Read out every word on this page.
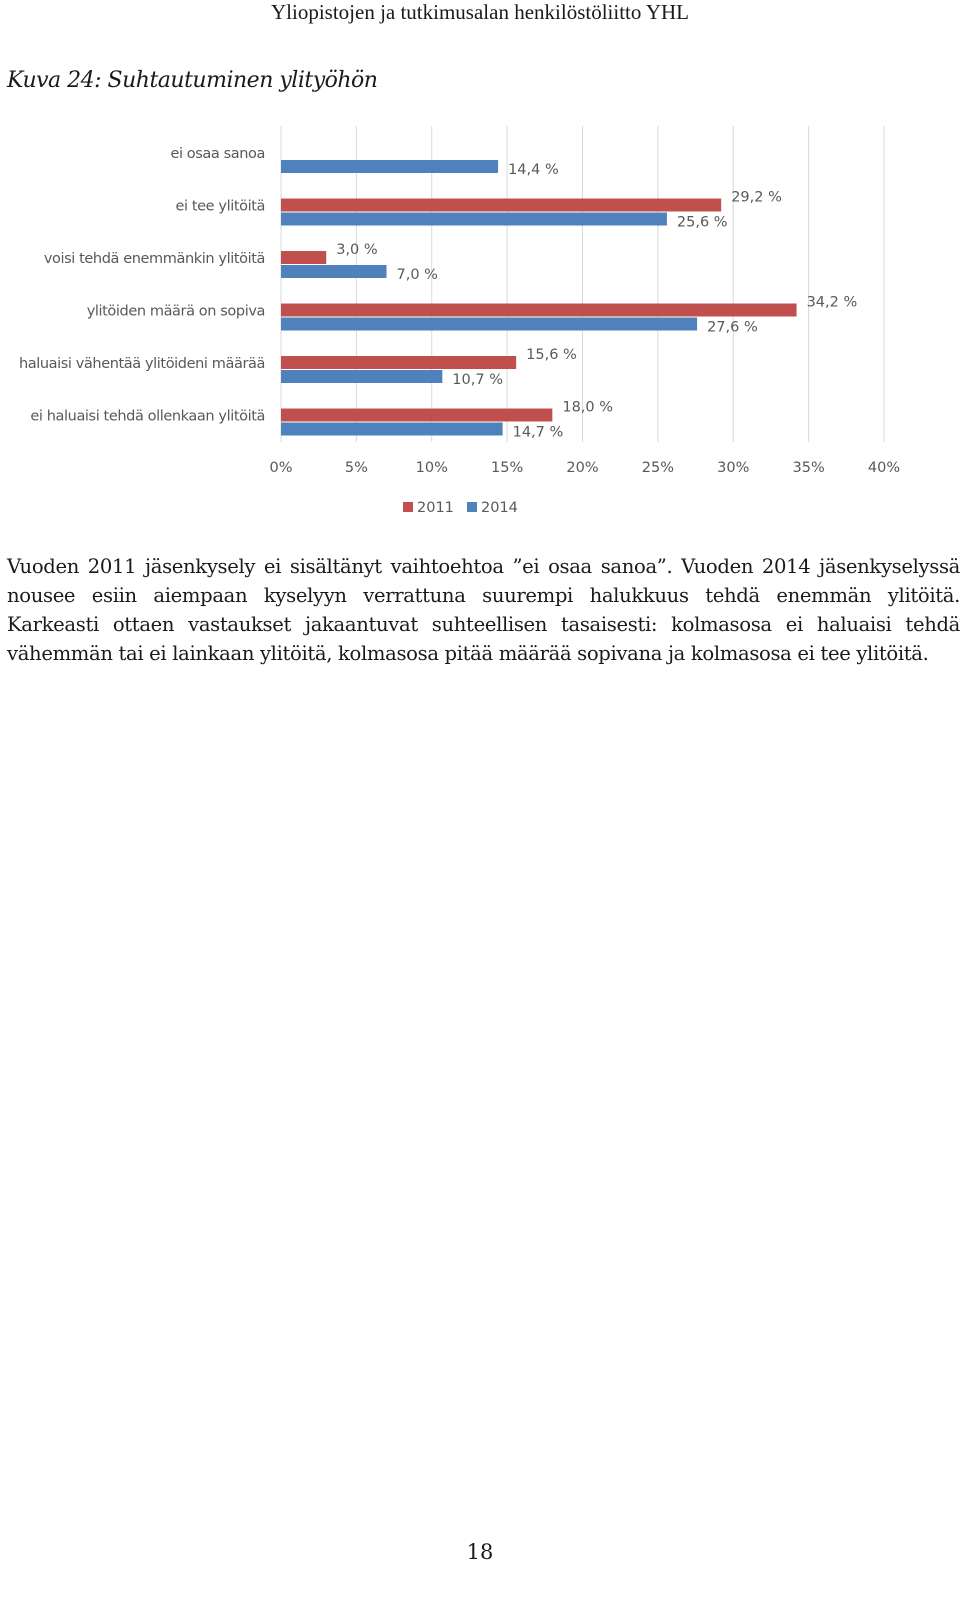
Yliopistojen ja tutkimusalan henkilöstöliitto YHL
Kuva 24: Suhtautuminen ylityöhön
0%	5%	10%	15%	20%	25%	30%	35%	40%
ei osaa sanoa
14,4 %
ei tee ylitöitä
29,2 %
25,6 %
voisi tehdä enemmänkin ylitöitä
3,0 %
7,0 %
ylitöiden määrä on sopiva
34,2 %
27,6 %
haluaisi vähentää ylitöideni määrää
15,6 %
10,7 %
ei haluaisi tehdä ollenkaan ylitöitä
18,0 %
14,7 %
2011 2014
Vuoden 2011 jäsenkysely ei sisältänyt vaihtoehtoa ”ei osaa sanoa”. Vuoden 2014 jäsenkyselyssä nousee esiin aiempaan kyselyyn verrattuna suurempi halukkuus tehdä enemmän ylitöitä. Karkeasti ottaen vastaukset jakaantuvat suhteellisen tasaisesti: kolmasosa ei haluaisi tehdä vähemmän tai ei lainkaan ylitöitä, kolmasosa pitää määrää sopivana ja kolmasosa ei tee ylitöitä.
18
